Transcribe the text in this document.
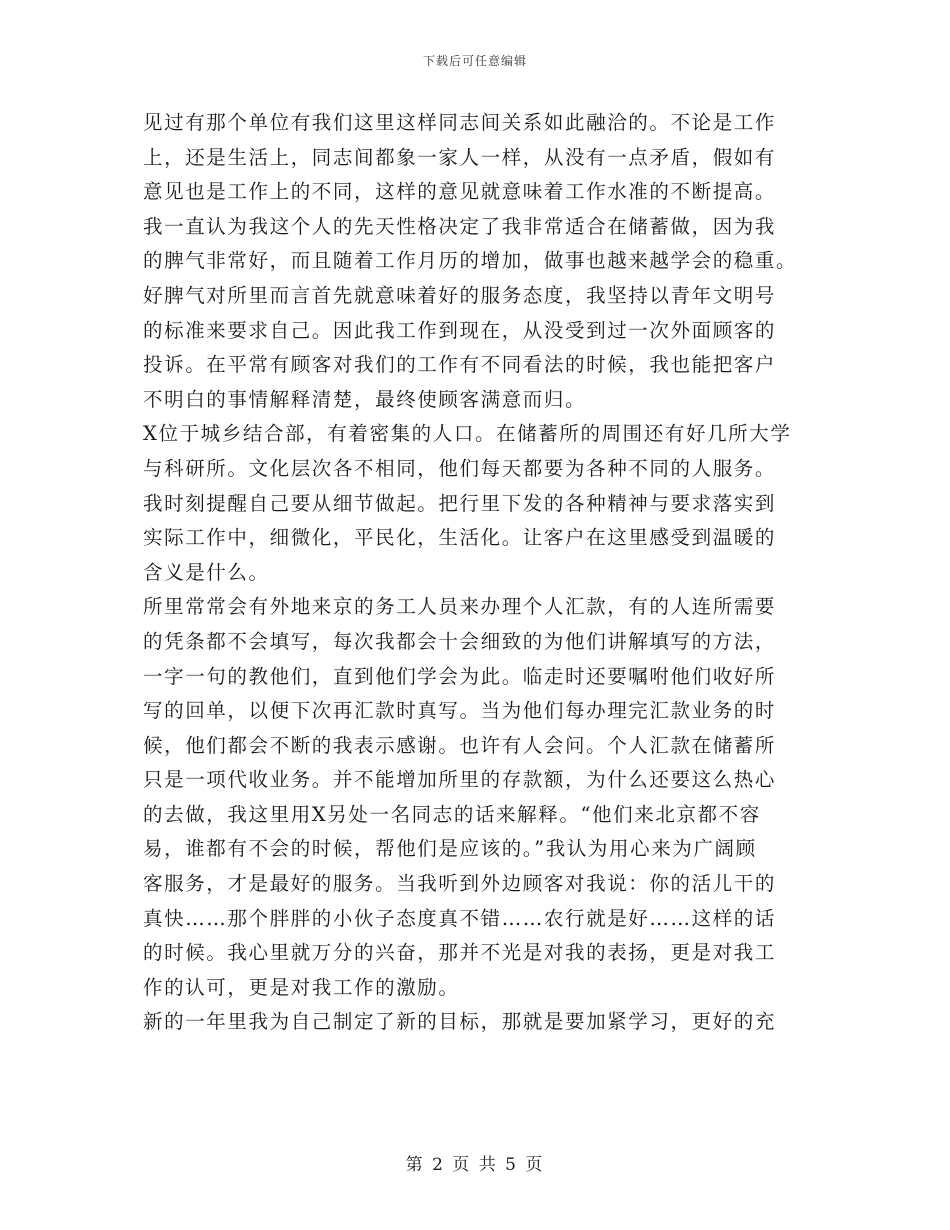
下载后可任意编辑
见过有那个单位有我们这里这样同志间关系如此融洽的。不论是工作
上，还是生活上，同志间都象一家人一样，从没有一点矛盾，假如有
意见也是工作上的不同，这样的意见就意味着工作水准的不断提高。
我一直认为我这个人的先天性格决定了我非常适合在储蓄做，因为我
的脾气非常好，而且随着工作月历的增加，做事也越来越学会的稳重。
好脾气对所里而言首先就意味着好的服务态度，我坚持以青年文明号
的标准来要求自己。因此我工作到现在，从没受到过一次外面顾客的
投诉。在平常有顾客对我们的工作有不同看法的时候，我也能把客户
不明白的事情解释清楚，最终使顾客满意而归。
X位于城乡结合部，有着密集的人口。在储蓄所的周围还有好几所大学
与科研所。文化层次各不相同，他们每天都要为各种不同的人服务。
我时刻提醒自己要从细节做起。把行里下发的各种精神与要求落实到
实际工作中，细微化，平民化，生活化。让客户在这里感受到温暖的
含义是什么。
所里常常会有外地来京的务工人员来办理个人汇款，有的人连所需要
的凭条都不会填写，每次我都会十会细致的为他们讲解填写的方法，
一字一句的教他们，直到他们学会为此。临走时还要嘱咐他们收好所
写的回单，以便下次再汇款时真写。当为他们每办理完汇款业务的时
候，他们都会不断的我表示感谢。也许有人会问。个人汇款在储蓄所
只是一项代收业务。并不能增加所里的存款额，为什么还要这么热心
的去做，我这里用X另处一名同志的话来解释。“他们来北京都不容
易，谁都有不会的时候，帮他们是应该的。”我认为用心来为广阔顾
客服务，才是最好的服务。当我听到外边顾客对我说：你的活儿干的
真快……那个胖胖的小伙子态度真不错……农行就是好……这样的话
的时候。我心里就万分的兴奋，那并不光是对我的表扬，更是对我工
作的认可，更是对我工作的激励。
新的一年里我为自己制定了新的目标，那就是要加紧学习，更好的充
第 2 页 共 5 页
